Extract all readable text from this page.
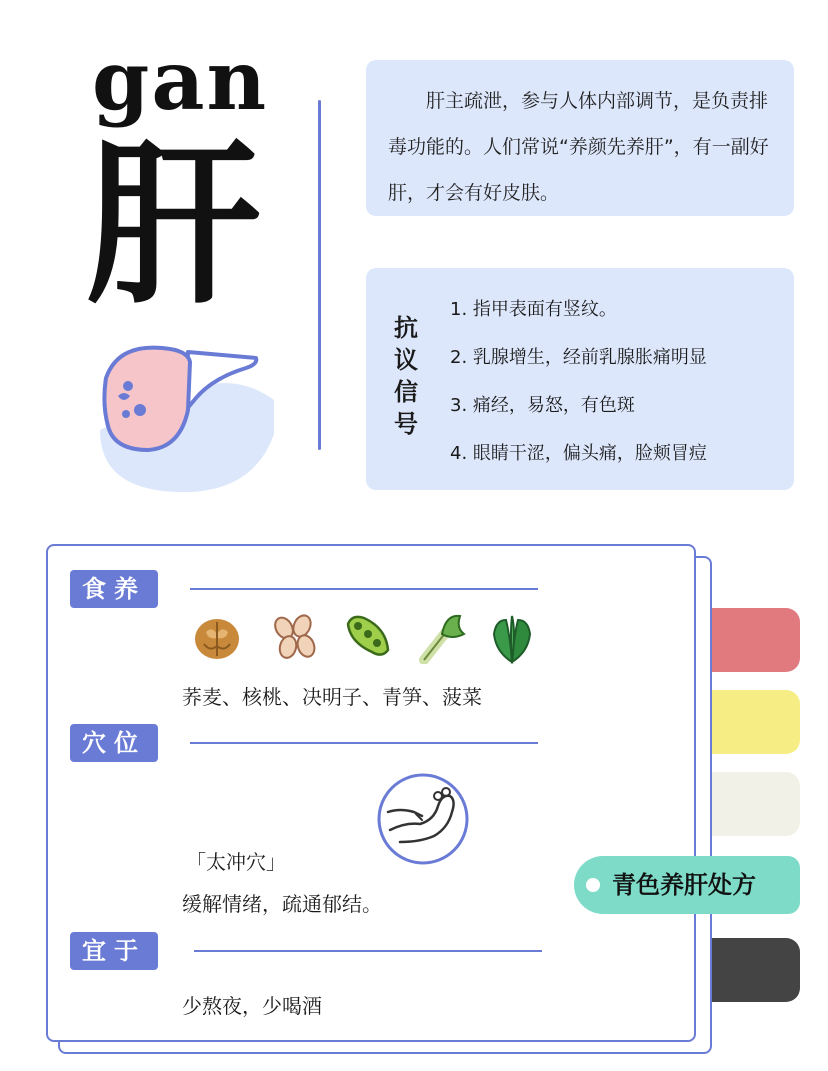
gan
肝
肝主疏泄，参与人体内部调节，是负责排毒功能的。人们常说“养颜先养肝”，有一副好肝，才会有好皮肤。
抗议信号
1. 指甲表面有竖纹。
2. 乳腺增生，经前乳腺胀痛明显
3. 痛经，易怒，有色斑
4. 眼睛干涩，偏头痛，脸颊冒痘
食养
荞麦、核桃、决明子、青笋、菠菜
穴位
「太冲穴」
缓解情绪，疏通郁结。
宜于
少熬夜，少喝酒
青色养肝处方
